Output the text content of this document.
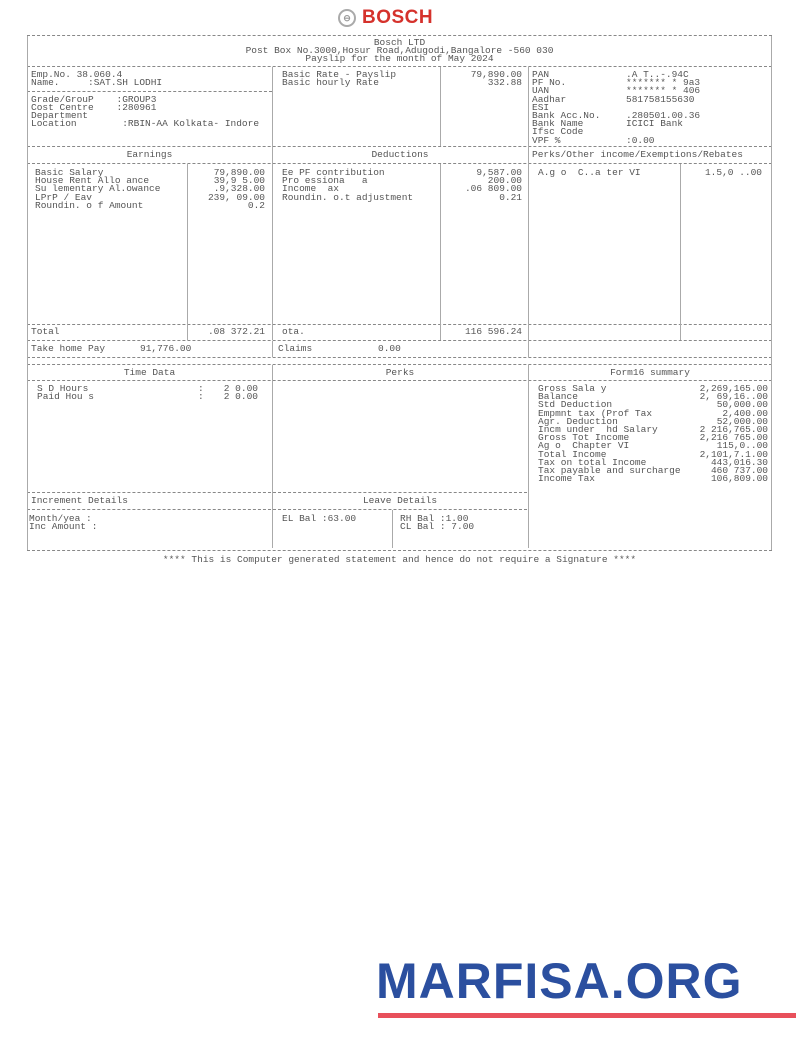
⊖ BOSCH
Bosch LTD
Post Box No.3000,Hosur Road,Adugodi,Bangalore -560 030
Payslip for the month of May 2024
Emp.No. 38.060.4
Name.     :SAT.SH LODHI
Grade/GrouP    :GROUP3
Cost Centre    :280961
Department
Location        :RBIN-AA Kolkata- Indore
Basic Rate - Payslip	79,890.00
Basic hourly Rate	332.88
Earnings	Deductions	Perks/Other income/Exemptions/Rebates
Total	.08 372.21 ota.	116 596.24
Take home Pay	91,776.00	Claims	0.00
Time Data	Perks	Form16 summary
Increment Details	Leave Details
Month/yea :
Inc Amount :
EL Bal :63.00	RH Bal :1.00
CL Bal : 7.00
**** This is Computer generated statement and hence do not require a Signature ****
MARFISA.ORG
PAN	.A T..-.94C
PF No.	******* * 9a3
UAN	******* * 406
Aadhar	581758155630
ESI
Bank Acc.No.	.280501.00.36
Bank Name	ICICI Bank
Ifsc Code
VPF %	:0.00
Basic Salary	79,890.00
House Rent Allo ance	39,9 5.00
Su lementary Al.owance	.9,328.00
LPrP / Eav	239, 09.00
Roundin. o f Amount	0.2
Ee PF contribution	9,587.00
Pro essiona   a	200.00
Income  ax	.06 809.00
Roundin. o.t adjustment	0.21
A.g o  C..a ter VI	1.5,0 ..00
S D Hours	:	2 0.00
Paid Hou s	:	2 0.00
Gross Sala y	2,269,165.00
Balance	2, 69,16..00
Std Deduction	50,000.00
Empmnt tax (Prof Tax	2,400.00
Agr. Deduction	52,000.00
Incm under  hd Salary	2 216,765.00
Gross Tot Income	2,216 765.00
Ag o  Chapter VI	115,0..00
Total Income	2,101,7.1.00
Tax on total Income	443,016.30
Tax payable and surcharge	460 737.00
Income Tax	106,809.00
